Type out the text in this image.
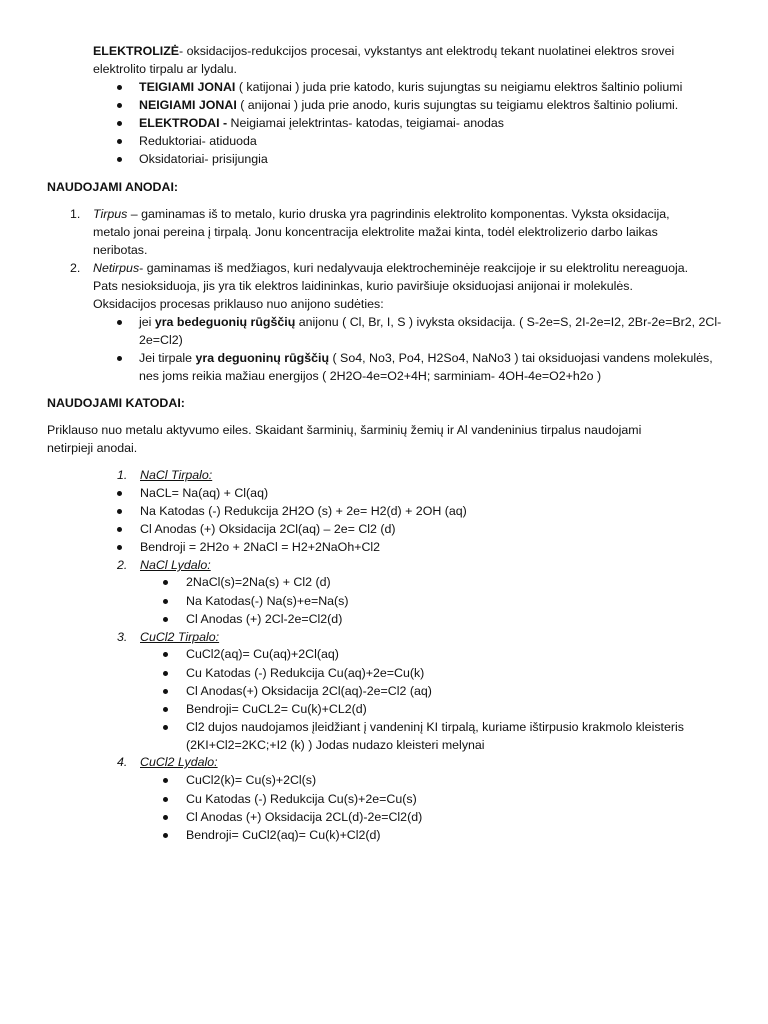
ELEKTROLIZĖ- oksidacijos-redukcijos procesai, vykstantys ant elektrodų tekant nuolatinei elektros srovei
elektrolito tirpalu ar lydalu.
TEIGIAMI JONAI ( katijonai ) juda prie katodo, kuris sujungtas su neigiamu elektros šaltinio poliumi
NEIGIAMI JONAI ( anijonai ) juda prie anodo, kuris sujungtas su teigiamu elektros šaltinio poliumi.
ELEKTRODAI - Neigiamai įelektrintas- katodas, teigiamai- anodas
Reduktoriai- atiduoda
Oksidatoriai- prisijungia
NAUDOJAMI ANODAI:
1. Tirpus – gaminamas iš to metalo, kurio druska yra pagrindinis elektrolito komponentas. Vyksta oksidacija,
metalo jonai pereina į tirpalą. Jonu koncentracija elektrolite mažai kinta, todėl elektrolizerio darbo laikas
neribotas.
2. Netirpus- gaminamas iš medžiagos, kuri nedalyvauja elektrocheminėje reakcijoje ir su elektrolitu nereaguoja.
Pats nesioksiduoja, jis yra tik elektros laidininkas, kurio paviršiuje oksiduojasi anijonai ir molekulės.
Oksidacijos procesas priklauso nuo anijono sudėties:
jei yra bedeguonių rūgščių anijonu ( Cl, Br, I, S ) ivyksta oksidacija. ( S-2e=S, 2I-2e=I2, 2Br-2e=Br2, 2Cl-
2e=Cl2)
Jei tirpale yra deguoninų rūgščių ( So4, No3, Po4, H2So4, NaNo3 ) tai oksiduojasi vandens molekulės,
nes joms reikia mažiau energijos ( 2H2O-4e=O2+4H; sarminiam- 4OH-4e=O2+h2o )
NAUDOJAMI KATODAI:
Priklauso nuo metalu aktyvumo eiles. Skaidant šarminių, šarminių žemių ir Al vandeninius tirpalus naudojami
netirpieji anodai.
1. NaCl Tirpalo:
NaCL= Na(aq) + Cl(aq)
Na Katodas (-) Redukcija 2H2O (s) + 2e= H2(d) + 2OH (aq)
Cl Anodas (+) Oksidacija 2Cl(aq) – 2e= Cl2 (d)
Bendroji = 2H2o + 2NaCl = H2+2NaOh+Cl2
2. NaCl Lydalo:
2NaCl(s)=2Na(s) + Cl2 (d)
Na Katodas(-) Na(s)+e=Na(s)
Cl Anodas (+) 2Cl-2e=Cl2(d)
3. CuCl2 Tirpalo:
CuCl2(aq)= Cu(aq)+2Cl(aq)
Cu Katodas (-) Redukcija Cu(aq)+2e=Cu(k)
Cl Anodas(+) Oksidacija 2Cl(aq)-2e=Cl2 (aq)
Bendroji= CuCL2= Cu(k)+CL2(d)
Cl2 dujos naudojamos įleidžiant į vandeninį KI tirpalą, kuriame ištirpusio krakmolo kleisteris
(2KI+Cl2=2KC;+I2 (k) ) Jodas nudazo kleisteri melynai
4. CuCl2 Lydalo:
CuCl2(k)= Cu(s)+2Cl(s)
Cu Katodas (-) Redukcija Cu(s)+2e=Cu(s)
Cl Anodas (+) Oksidacija 2CL(d)-2e=Cl2(d)
Bendroji= CuCl2(aq)= Cu(k)+Cl2(d)
